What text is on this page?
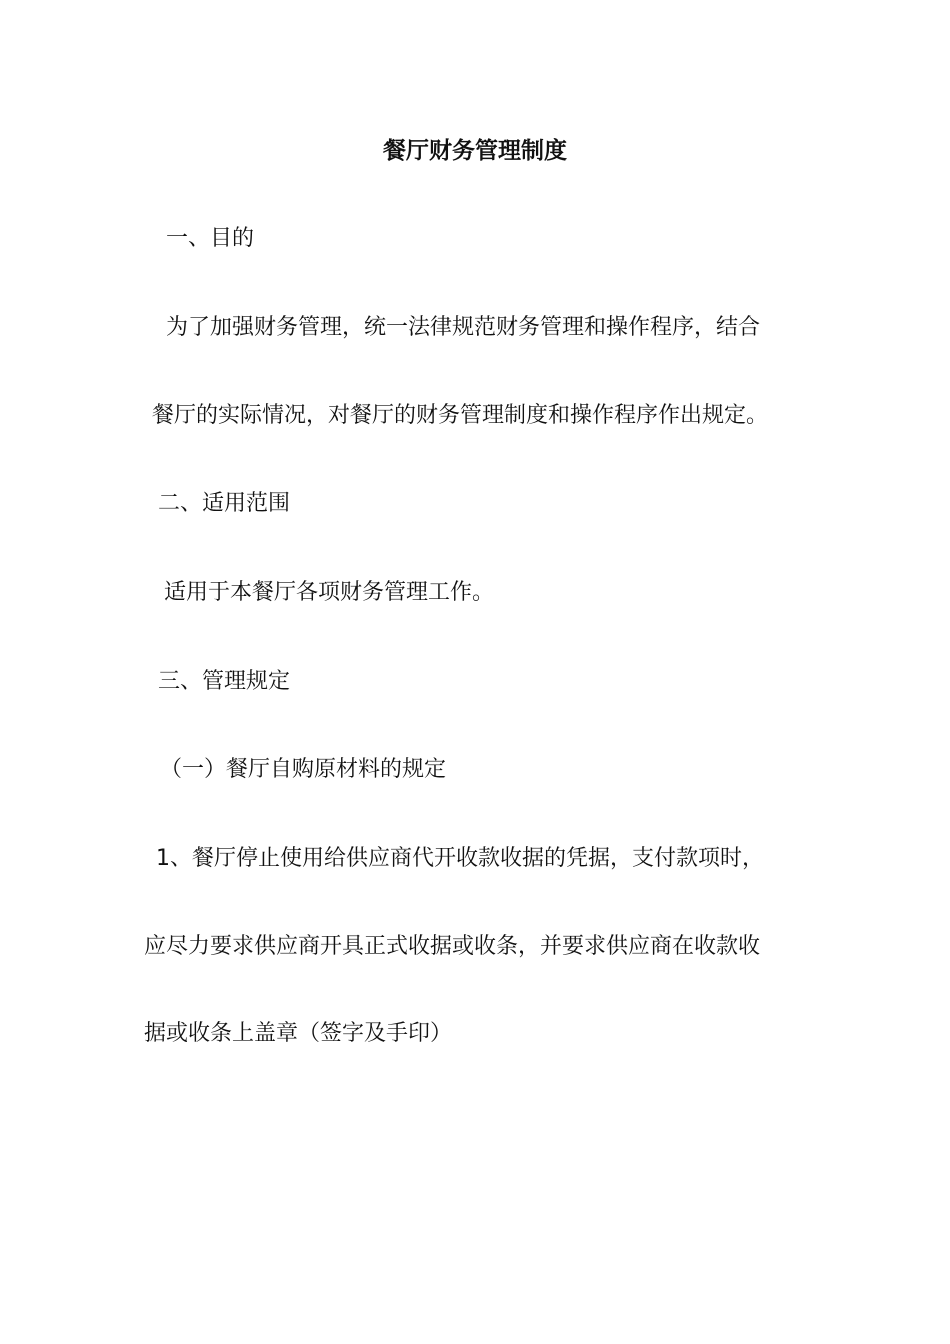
餐厅财务管理制度
一、目的
为了加强财务管理，统一法律规范财务管理和操作程序，结合
餐厅的实际情况，对餐厅的财务管理制度和操作程序作出规定。
二、适用范围
适用于本餐厅各项财务管理工作。
三、管理规定
（一）餐厅自购原材料的规定
1、餐厅停止使用给供应商代开收款收据的凭据，支付款项时，
应尽力要求供应商开具正式收据或收条，并要求供应商在收款收
据或收条上盖章（签字及手印）
